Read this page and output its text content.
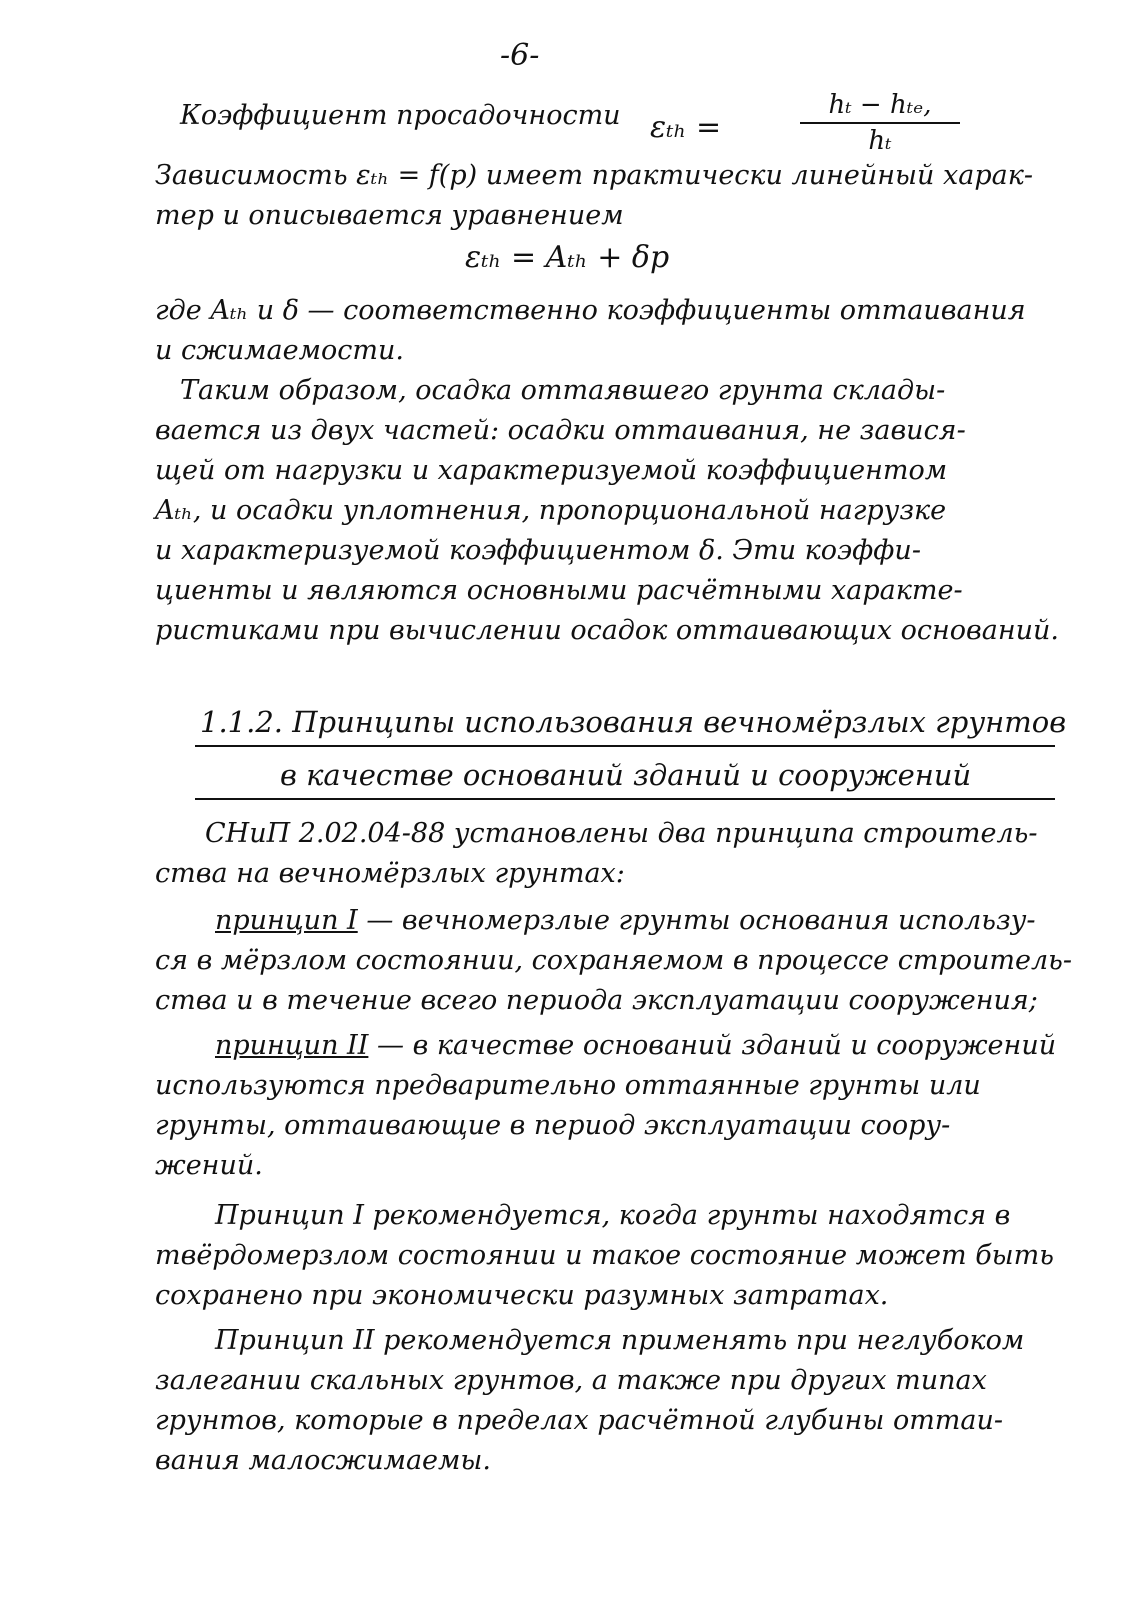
-6-
Коэффициент просадочности εₜₕ =
hₜ − hₜₑ,
hₜ
Зависимость εₜₕ = f(p) имеет практически линейный харак-
тер и описывается уравнением
εₜₕ = Aₜₕ + δp
где Aₜₕ и δ — соответственно коэффициенты оттаивания
и сжимаемости.
Таким образом, осадка оттаявшего грунта склады-
вается из двух частей: осадки оттаивания, не завися-
щей от нагрузки и характеризуемой коэффициентом
Aₜₕ, и осадки уплотнения, пропорциональной нагрузке
и характеризуемой коэффициентом δ. Эти коэффи-
циенты и являются основными расчётными характе-
ристиками при вычислении осадок оттаивающих оснований.
1.1.2. Принципы использования вечномёрзлых грунтов
в качестве оснований зданий и сооружений
СНиП 2.02.04-88 установлены два принципа строитель-
ства на вечномёрзлых грунтах:
принцип I — вечномерзлые грунты основания использу-
ся в мёрзлом состоянии, сохраняемом в процессе строитель-
ства и в течение всего периода эксплуатации сооружения;
принцип II — в качестве оснований зданий и сооружений
используются предварительно оттаянные грунты или
грунты, оттаивающие в период эксплуатации соору-
жений.
Принцип I рекомендуется, когда грунты находятся в
твёрдомерзлом состоянии и такое состояние может быть
сохранено при экономически разумных затратах.
Принцип II рекомендуется применять при неглубоком
залегании скальных грунтов, а также при других типах
грунтов, которые в пределах расчётной глубины оттаи-
вания малосжимаемы.
